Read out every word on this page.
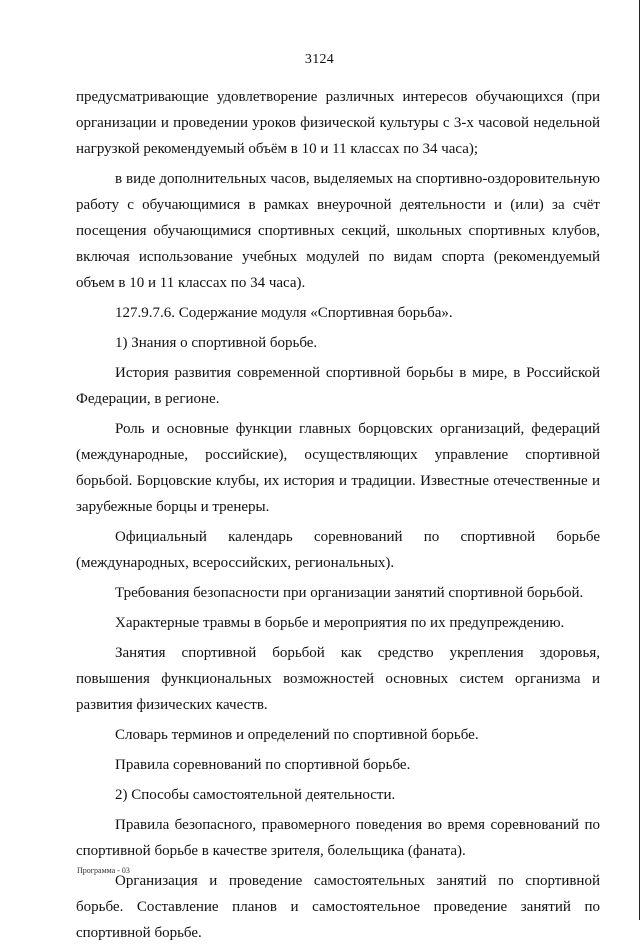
3124

предусматривающие удовлетворение различных интересов обучающихся (при организации и проведении уроков физической культуры с 3-х часовой недельной нагрузкой рекомендуемый объём в 10 и 11 классах по 34 часа);

в виде дополнительных часов, выделяемых на спортивно-оздоровительную работу с обучающимися в рамках внеурочной деятельности и (или) за счёт посещения обучающимися спортивных секций, школьных спортивных клубов, включая использование учебных модулей по видам спорта (рекомендуемый объем в 10 и 11 классах по 34 часа).

127.9.7.6. Содержание модуля «Спортивная борьба».

1) Знания о спортивной борьбе.

История развития современной спортивной борьбы в мире, в Российской Федерации, в регионе.

Роль и основные функции главных борцовских организаций, федераций (международные, российские), осуществляющих управление спортивной борьбой. Борцовские клубы, их история и традиции. Известные отечественные и зарубежные борцы и тренеры.

Официальный календарь соревнований по спортивной борьбе (международных, всероссийских, региональных).

Требования безопасности при организации занятий спортивной борьбой.

Характерные травмы в борьбе и мероприятия по их предупреждению.

Занятия спортивной борьбой как средство укрепления здоровья, повышения функциональных возможностей основных систем организма и развития физических качеств.

Словарь терминов и определений по спортивной борьбе.

Правила соревнований по спортивной борьбе.

2) Способы самостоятельной деятельности.

Правила безопасного, правомерного поведения во время соревнований по спортивной борьбе в качестве зрителя, болельщика (фаната).

Организация и проведение самостоятельных занятий по спортивной борьбе. Составление планов и самостоятельное проведение занятий по спортивной борьбе.

Программа - 03
